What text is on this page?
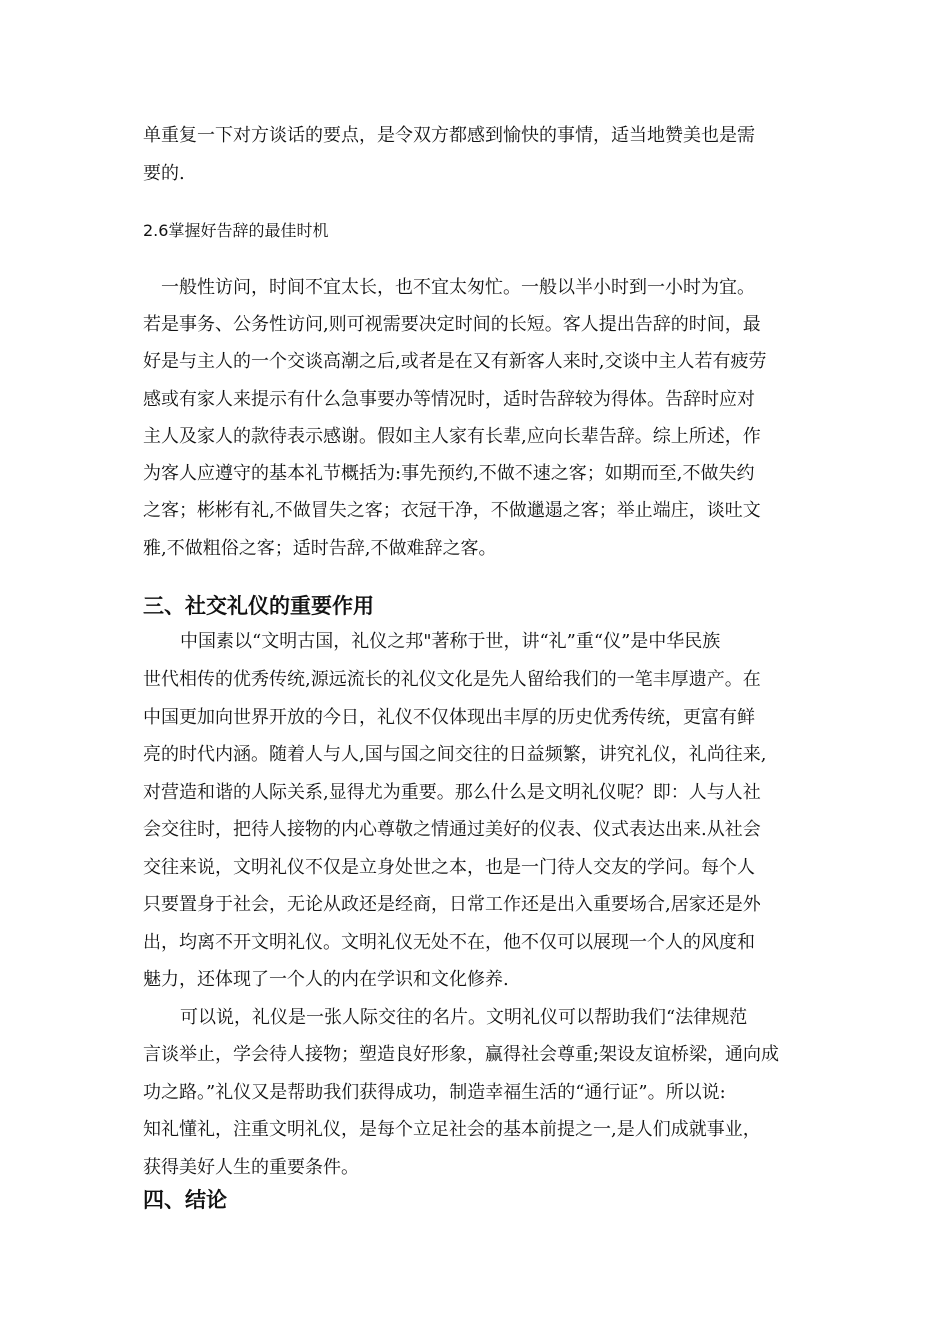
单重复一下对方谈话的要点，是令双方都感到愉快的事情，适当地赞美也是需
要的.
2.6掌握好告辞的最佳时机
一般性访问，时间不宜太长，也不宜太匆忙。一般以半小时到一小时为宜。
若是事务、公务性访问,则可视需要决定时间的长短。客人提出告辞的时间，最
好是与主人的一个交谈高潮之后,或者是在又有新客人来时,交谈中主人若有疲劳
感或有家人来提示有什么急事要办等情况时，适时告辞较为得体。告辞时应对
主人及家人的款待表示感谢。假如主人家有长辈,应向长辈告辞。综上所述，作
为客人应遵守的基本礼节概括为:事先预约,不做不速之客；如期而至,不做失约
之客；彬彬有礼,不做冒失之客；衣冠干净，不做邋遢之客；举止端庄，谈吐文
雅,不做粗俗之客；适时告辞,不做难辞之客。
三、社交礼仪的重要作用
中国素以“文明古国，礼仪之邦"著称于世，讲“礼”重“仪”是中华民族
世代相传的优秀传统,源远流长的礼仪文化是先人留给我们的一笔丰厚遗产。在
中国更加向世界开放的今日，礼仪不仅体现出丰厚的历史优秀传统，更富有鲜
亮的时代内涵。随着人与人,国与国之间交往的日益频繁，讲究礼仪，礼尚往来,
对营造和谐的人际关系,显得尤为重要。那么什么是文明礼仪呢？即：人与人社
会交往时，把待人接物的内心尊敬之情通过美好的仪表、仪式表达出来.从社会
交往来说，文明礼仪不仅是立身处世之本，也是一门待人交友的学问。每个人
只要置身于社会，无论从政还是经商，日常工作还是出入重要场合,居家还是外
出，均离不开文明礼仪。文明礼仪无处不在，他不仅可以展现一个人的风度和
魅力，还体现了一个人的内在学识和文化修养.
可以说，礼仪是一张人际交往的名片。文明礼仪可以帮助我们“法律规范
言谈举止，学会待人接物；塑造良好形象，赢得社会尊重;架设友谊桥梁，通向成
功之路。”礼仪又是帮助我们获得成功，制造幸福生活的“通行证”。所以说:
知礼懂礼，注重文明礼仪，是每个立足社会的基本前提之一,是人们成就事业，
获得美好人生的重要条件。
四、结论
